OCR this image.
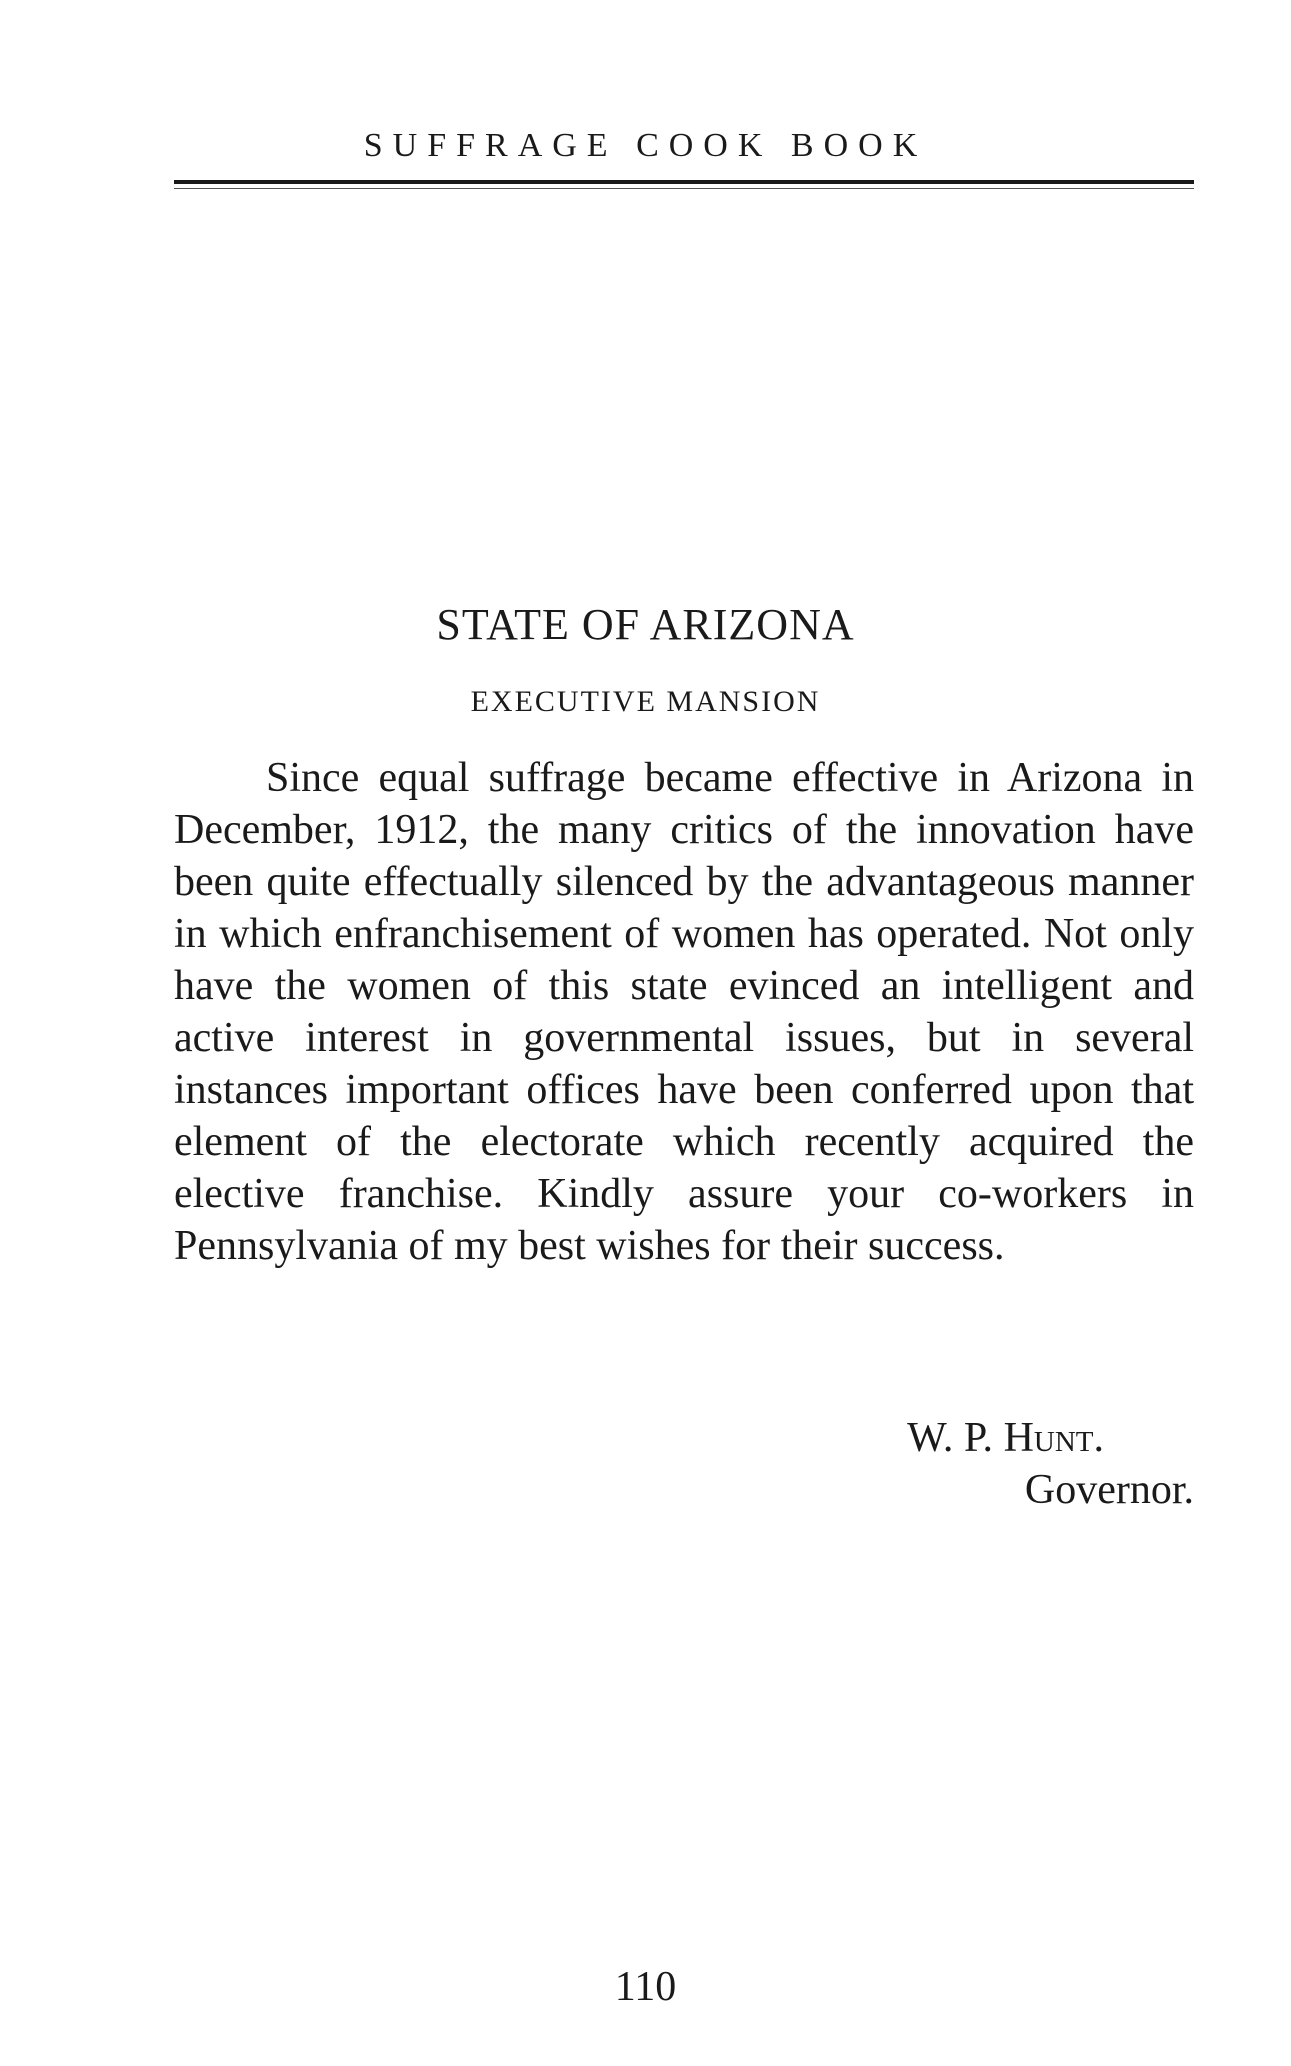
SUFFRAGE COOK BOOK
STATE OF ARIZONA
EXECUTIVE MANSION

Since equal suffrage became effective in Arizona in December, 1912, the many critics of the innovation have been quite effectually silenced by the advantageous manner in which enfranchisement of women has operated. Not only have the women of this state evinced an intelligent and active interest in governmental issues, but in several instances important offices have been conferred upon that element of the electorate which recently acquired the elective franchise. Kindly assure your co-workers in Pennsylvania of my best wishes for their success.

W. P. Hunt.
Governor.
110
